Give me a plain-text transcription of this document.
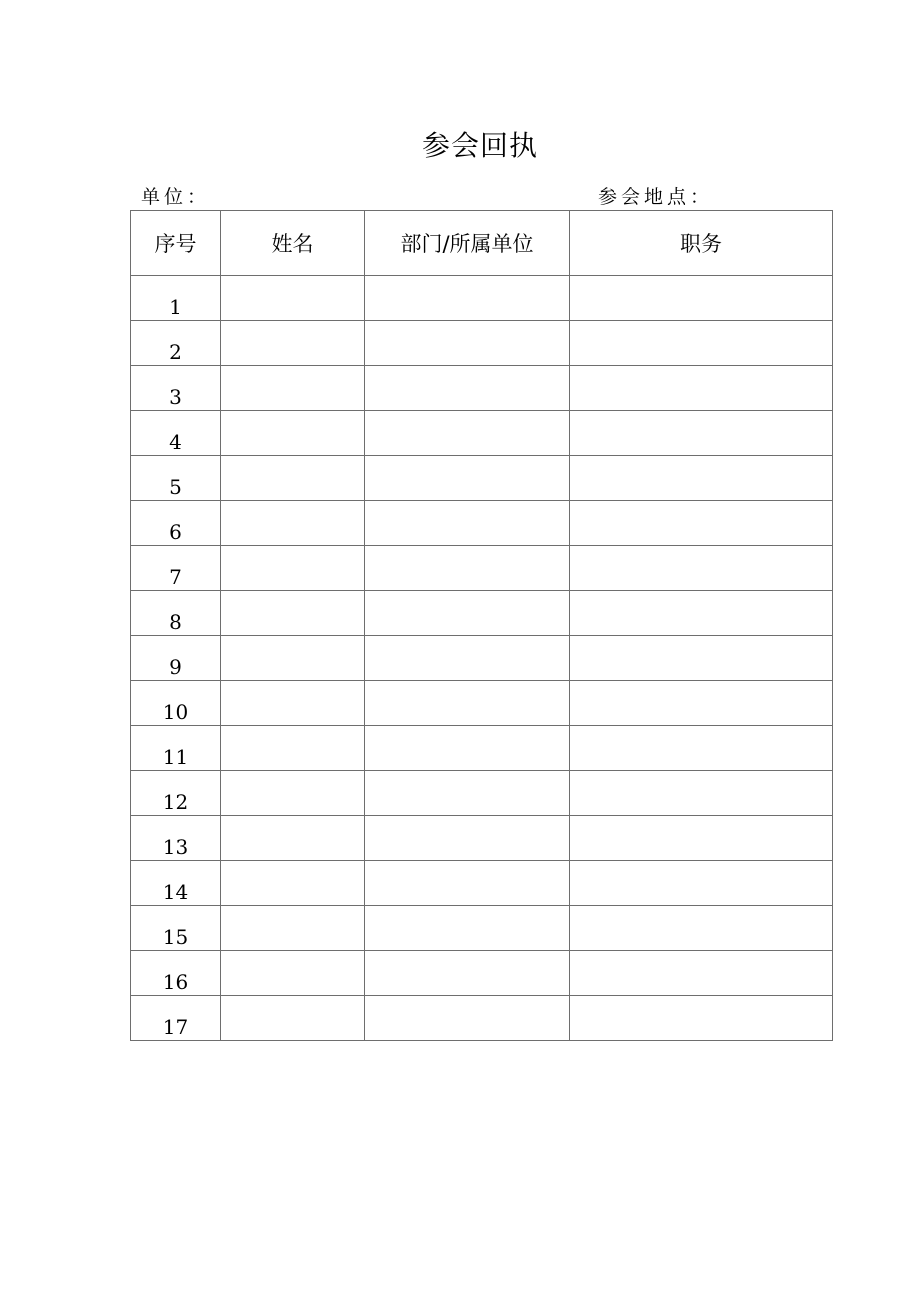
参会回执
单位：	参会地点：
序号	姓名	部门/所属单位	职务
1			
2			
3			
4			
5			
6			
7			
8			
9			
10			
11			
12			
13			
14			
15			
16			
17			
